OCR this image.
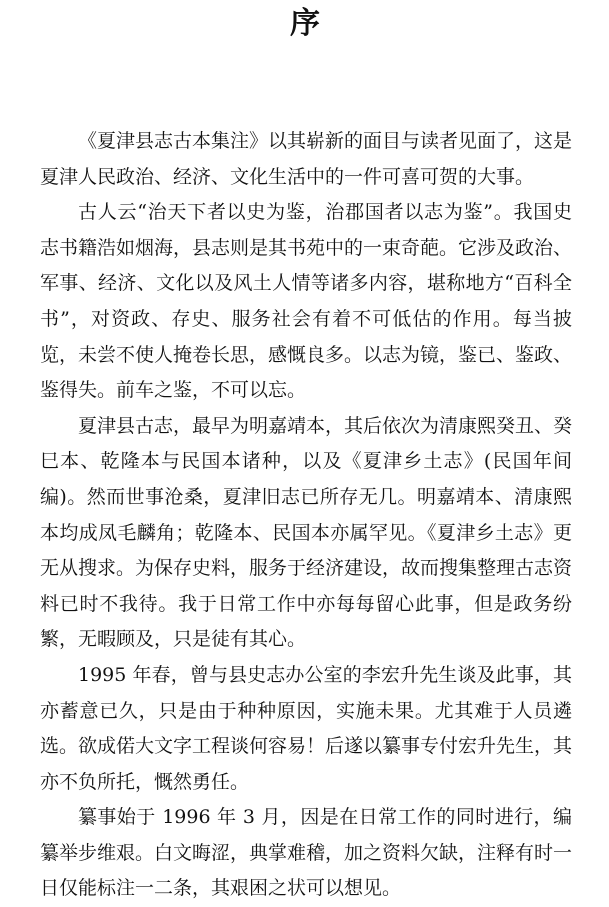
序

《夏津县志古本集注》以其崭新的面目与读者见面了，这是夏津人民政治、经济、文化生活中的一件可喜可贺的大事。

古人云“治天下者以史为鉴，治郡国者以志为鉴”。我国史志书籍浩如烟海，县志则是其书苑中的一束奇葩。它涉及政治、军事、经济、文化以及风土人情等诸多内容，堪称地方“百科全书”，对资政、存史、服务社会有着不可低估的作用。每当披览，未尝不使人掩卷长思，感慨良多。以志为镜，鉴已、鉴政、鉴得失。前车之鉴，不可以忘。

夏津县古志，最早为明嘉靖本，其后依次为清康熙癸丑、癸巳本、乾隆本与民国本诸种，以及《夏津乡土志》(民国年间编)。然而世事沧桑，夏津旧志已所存无几。明嘉靖本、清康熙本均成凤毛麟角；乾隆本、民国本亦属罕见。《夏津乡土志》更无从搜求。为保存史料，服务于经济建设，故而搜集整理古志资料已时不我待。我于日常工作中亦每每留心此事，但是政务纷繁，无暇顾及，只是徒有其心。

1995 年春，曾与县史志办公室的李宏升先生谈及此事，其亦蓄意已久，只是由于种种原因，实施未果。尤其难于人员遴选。欲成偌大文字工程谈何容易！后遂以纂事专付宏升先生，其亦不负所托，慨然勇任。

纂事始于 1996 年 3 月，因是在日常工作的同时进行，编纂举步维艰。白文晦涩，典掌难稽，加之资料欠缺，注释有时一日仅能标注一二条，其艰困之状可以想见。
